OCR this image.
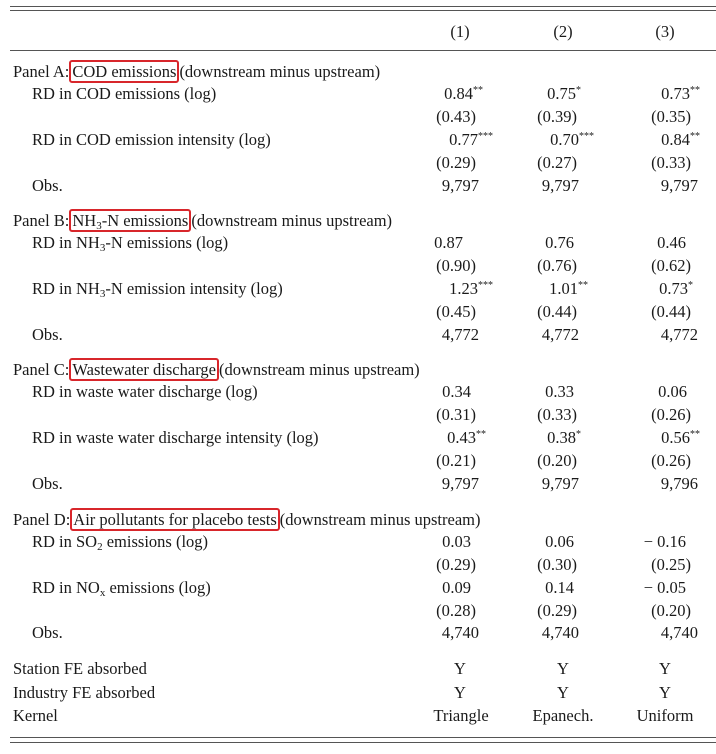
(1)	(2)	(3)
Panel A: COD emissions (downstream minus upstream)
RD in COD emissions (log)	0.84**	0.75*	0.73**
(0.43)	(0.39)	(0.35)
RD in COD emission intensity (log)	0.77***	0.70***	0.84**
(0.29)	(0.27)	(0.33)
Obs.	9,797	9,797	9,797
Panel B: $NH_3-N$ emissions (downstream minus upstream)
RD in $NH_3-N$ emissions (log)	0.87	0.76	0.46
(0.90)	(0.76)	(0.62)
RD in $NH_3-N$ emission intensity (log)	1.23***	1.01**	0.73*
(0.45)	(0.44)	(0.44)
Obs.	4,772	4,772	4,772
Panel C: Wastewater discharge (downstream minus upstream)
RD in waste water discharge (log)	0.34	0.33	0.06
(0.31)	(0.33)	(0.26)
RD in waste water discharge intensity (log)	0.43**	0.38*	0.56**
(0.21)	(0.20)	(0.26)
Obs.	9,797	9,797	9,796
Panel D: Air pollutants for placebo tests (downstream minus upstream)
RD in $SO_2$ emissions (log)	0.03	0.06	− 0.16
(0.29)	(0.30)	(0.25)
RD in $NO_x$ emissions (log)	0.09	0.14	− 0.05
(0.28)	(0.29)	(0.20)
Obs.	4,740	4,740	4,740
Station FE absorbed	Y	Y	Y
Industry FE absorbed	Y	Y	Y
Kernel	Triangle	Epanech.	Uniform
